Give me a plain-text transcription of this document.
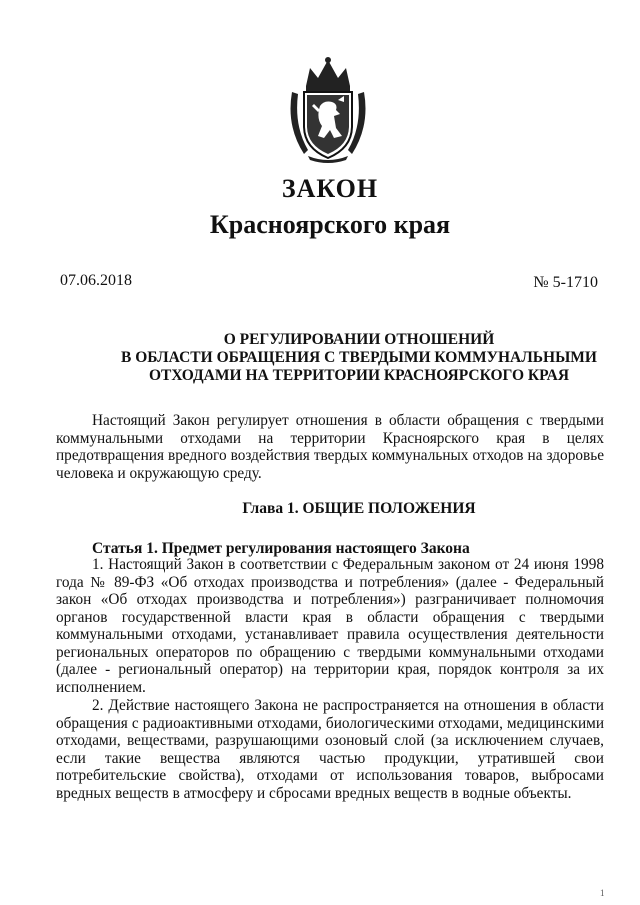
ЗАКОН
Красноярского края
07.06.2018	№ 5-1710
О РЕГУЛИРОВАНИИ ОТНОШЕНИЙ
В ОБЛАСТИ ОБРАЩЕНИЯ С ТВЕРДЫМИ КОММУНАЛЬНЫМИ
ОТХОДАМИ НА ТЕРРИТОРИИ КРАСНОЯРСКОГО КРАЯ

Настоящий Закон регулирует отношения в области обращения с твердыми коммунальными отходами на территории Красноярского края в целях предотвращения вредного воздействия твердых коммунальных отходов на здоровье человека и окружающую среду.

Глава 1. ОБЩИЕ ПОЛОЖЕНИЯ
Статья 1. Предмет регулирования настоящего Закона

1. Настоящий Закон в соответствии с Федеральным законом от 24 июня 1998 года № 89-ФЗ «Об отходах производства и потребления» (далее - Федеральный закон «Об отходах производства и потребления») разграничивает полномочия органов государственной власти края в области обращения с твердыми коммунальными отходами, устанавливает правила осуществления деятельности региональных операторов по обращению с твердыми коммунальными отходами (далее - региональный оператор) на территории края, порядок контроля за их исполнением.

2. Действие настоящего Закона не распространяется на отношения в области обращения с радиоактивными отходами, биологическими отходами, медицинскими отходами, веществами, разрушающими озоновый слой (за исключением случаев, если такие вещества являются частью продукции, утратившей свои потребительские свойства), отходами от использования товаров, выбросами вредных веществ в атмосферу и сбросами вредных веществ в водные объекты.

1
